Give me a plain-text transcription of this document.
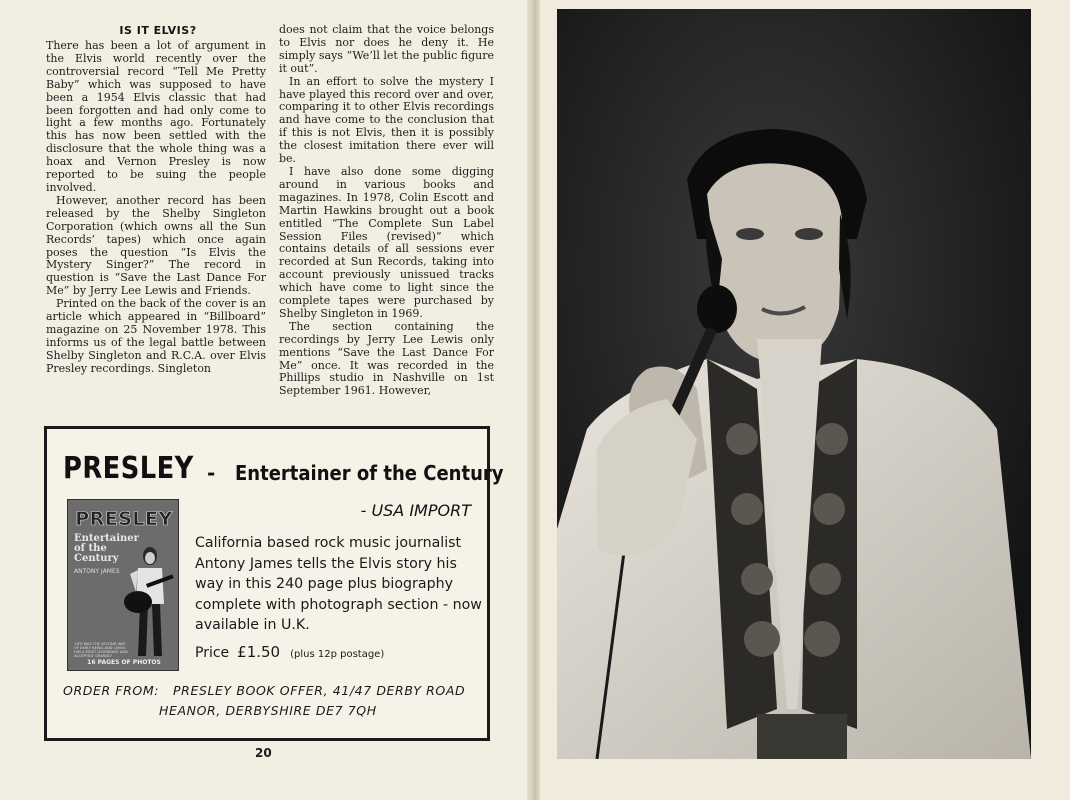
IS IT ELVIS?

There has been a lot of argument in the Elvis world recently over the controversial record “Tell Me Pretty Baby” which was supposed to have been a 1954 Elvis classic that had been forgotten and had only come to light a few months ago. Fortunately this has now been settled with the disclosure that the whole thing was a hoax and Vernon Presley is now reported to be suing the people involved.

However, another record has been released by the Shelby Singleton Corporation (which owns all the Sun Records’ tapes) which once again poses the question “Is Elvis the Mystery Singer?” The record in question is “Save the Last Dance For Me” by Jerry Lee Lewis and Friends.

Printed on the back of the cover is an article which appeared in “Billboard” magazine on 25 November 1978. This informs us of the legal battle between Shelby Singleton and R.C.A. over Elvis Presley recordings. Singleton

does not claim that the voice belongs to Elvis nor does he deny it. He simply says “We’ll let the public figure it out”.

In an effort to solve the mystery I have played this record over and over, comparing it to other Elvis recordings and have come to the conclusion that if this is not Elvis, then it is possibly the closest imitation there ever will be.

I have also done some digging around in various books and magazines. In 1978, Colin Escott and Martin Hawkins brought out a book entitled “The Complete Sun Label Session Files (revised)” which contains details of all sessions ever recorded at Sun Records, taking into account previously unissued tracks which have come to light since the complete tapes were purchased by Shelby Singleton in 1969.

The section containing the recordings by Jerry Lee Lewis only mentions “Save the Last Dance For Me” once. It was recorded in the Phillips studio in Nashville on 1st September 1961. However,

PRESLEY - Entertainer of the Century
- USA IMPORT
PRESLEY
Entertainer of the Century
ANTONY JAMES
'LIFE WAS THE SECOND WAY OF EARLY BEING AND LIVING HIM A MOST LEGENDARY AND ACCEPTED' GRANDLY
16 PAGES OF PHOTOS
California based rock music journalist Antony James tells the Elvis story his way in this 240 page plus biography complete with photograph section - now available in U.K.
Price £1.50 (plus 12p postage)
ORDER FROM: PRESLEY BOOK OFFER, 41/47 DERBY ROAD
HEANOR, DERBYSHIRE DE7 7QH
20
